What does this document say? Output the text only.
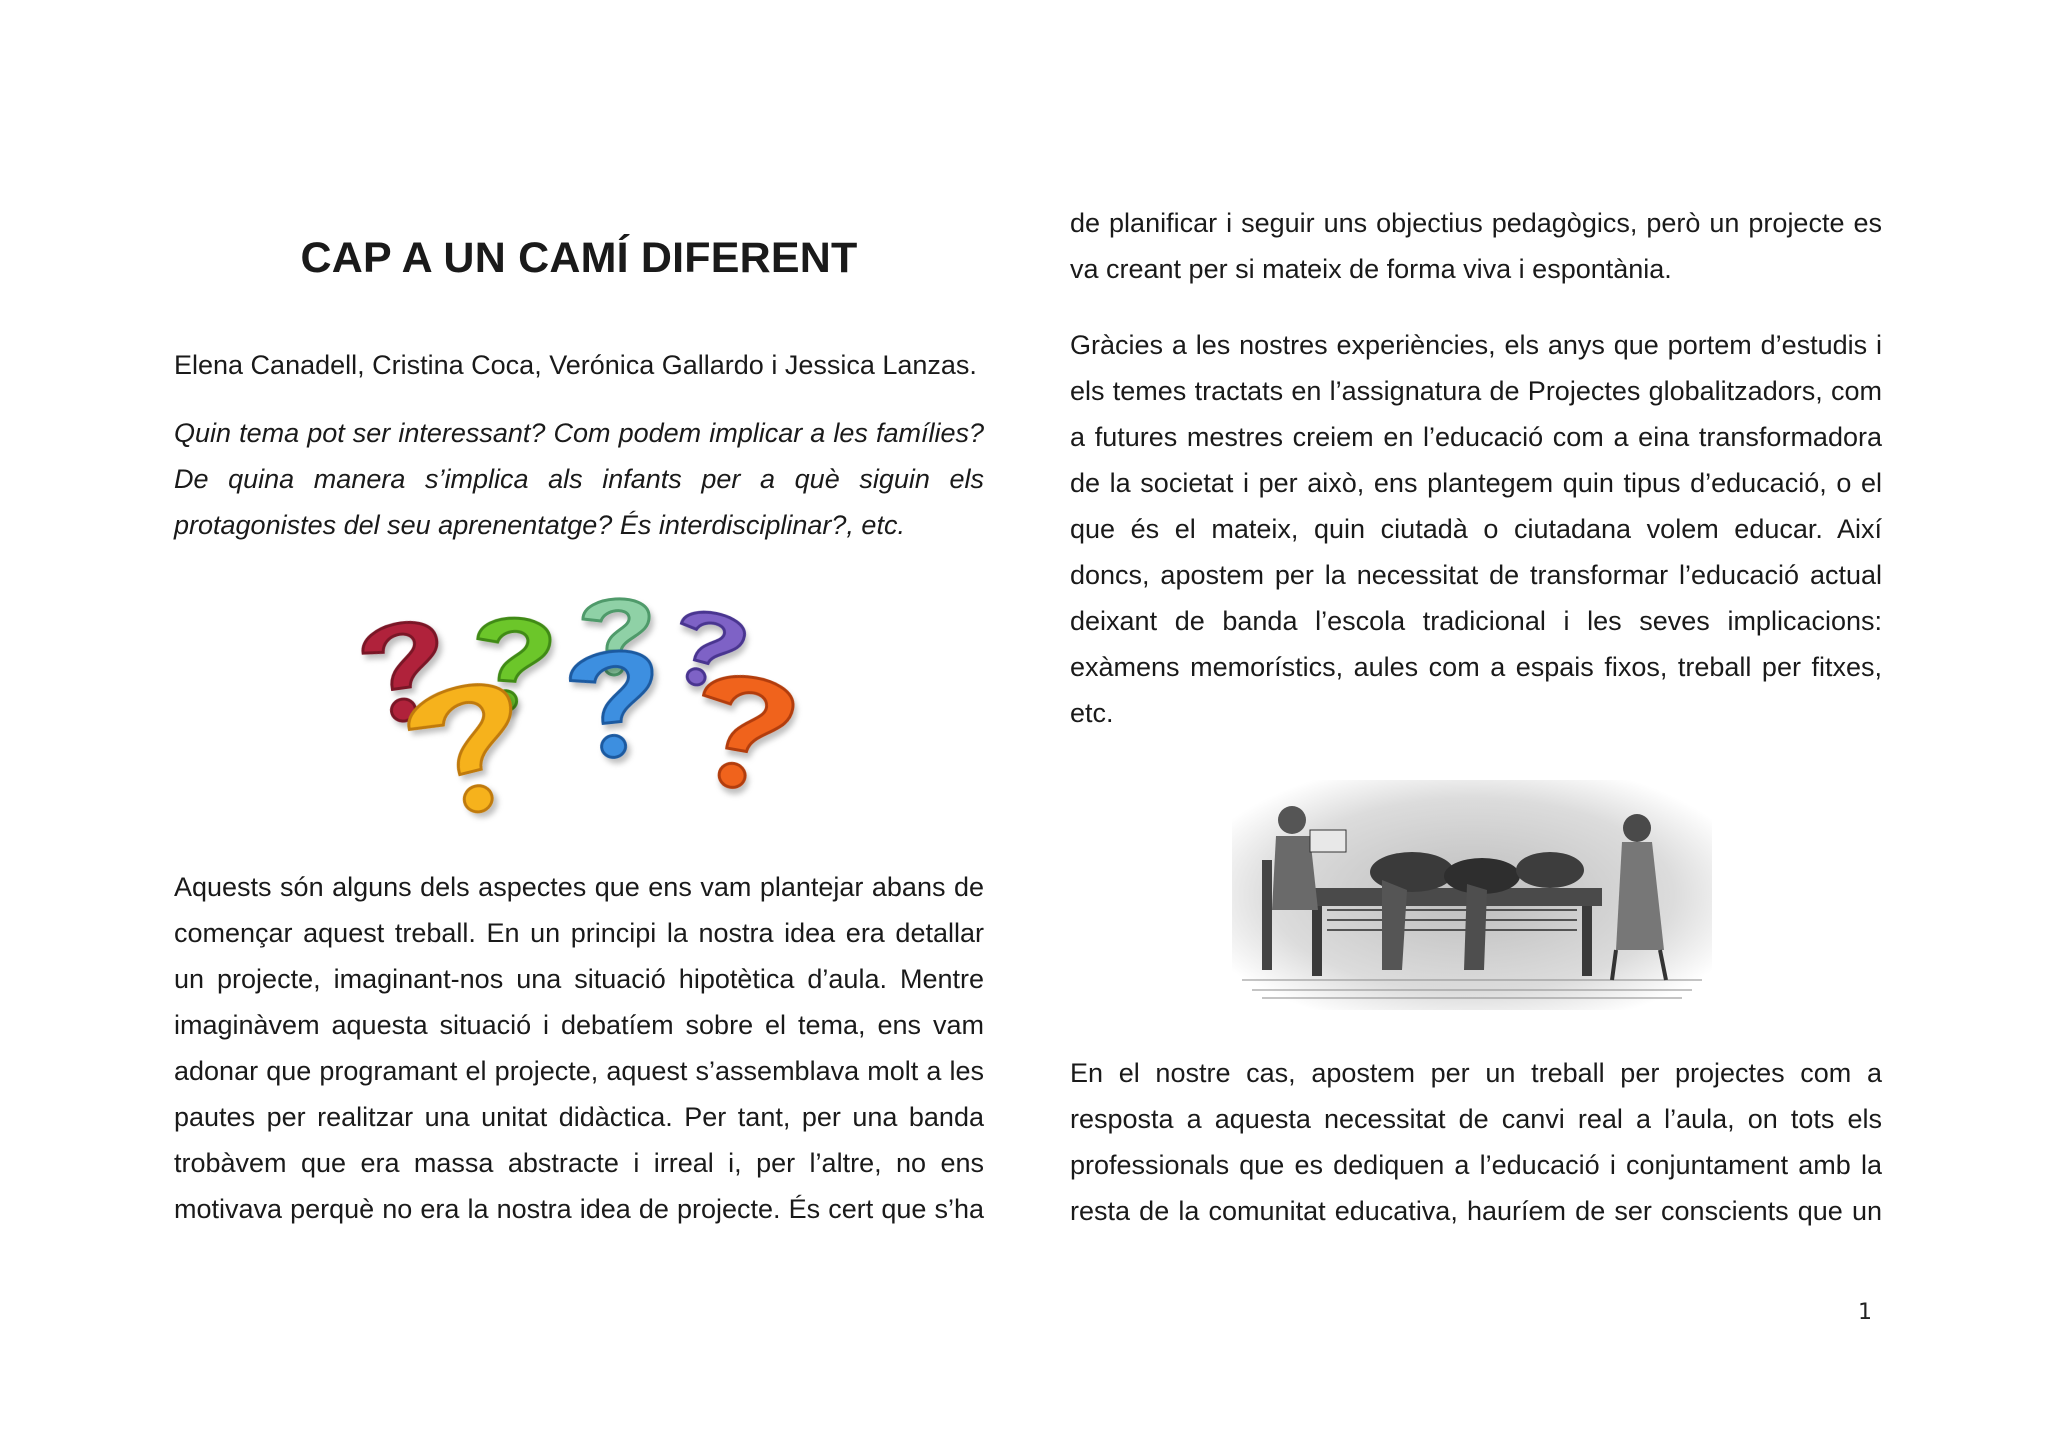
CAP A UN CAMÍ DIFERENT

Elena Canadell, Cristina Coca, Verónica Gallardo i Jessica Lanzas.

Quin tema pot ser interessant? Com podem implicar a les famílies? De quina manera s’implica als infants per a què siguin els protagonistes del seu aprenentatge? És interdisciplinar?, etc.

Aquests són alguns dels aspectes que ens vam plantejar abans de començar aquest treball. En un principi la nostra idea era detallar un projecte, imaginant-nos una situació hipotètica d’aula. Mentre imaginàvem aquesta situació i debatíem sobre el tema, ens vam adonar que programant el projecte, aquest s’assemblava molt a les pautes per realitzar una unitat didàctica. Per tant, per una banda trobàvem que era massa abstracte i irreal i, per l’altre, no ens motivava perquè no era la nostra idea de projecte. És cert que s’ha

de planificar i seguir uns objectius pedagògics, però un projecte es va creant per si mateix de forma viva i espontània.

Gràcies a les nostres experiències, els anys que portem d’estudis i els temes tractats en l’assignatura de Projectes globalitzadors, com a futures mestres creiem en l’educació com a eina transformadora de la societat i per això, ens plantegem quin tipus d’educació, o el que és el mateix, quin ciutadà o ciutadana volem educar. Així doncs, apostem per la necessitat de transformar l’educació actual deixant de banda l’escola tradicional i les seves implicacions: exàmens memorístics, aules com a espais fixos, treball per fitxes, etc.

En el nostre cas, apostem per un treball per projectes com a resposta a aquesta necessitat de canvi real a l’aula, on tots els professionals que es dediquen a l’educació i conjuntament amb la resta de la comunitat educativa, hauríem de ser conscients que un

1
